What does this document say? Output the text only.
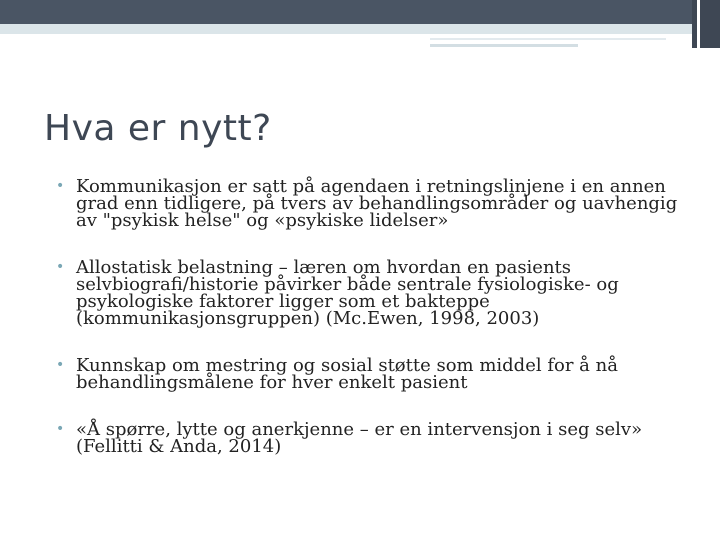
Hva er nytt?
• Kommunikasjon er satt på agendaen i retningslinjene i en annen grad enn tidligere, på tvers av behandlingsområder og uavhengig av "psykisk helse" og «psykiske lidelser»
• Allostatisk belastning – læren om hvordan en pasients selvbiografi/historie påvirker både sentrale fysiologiske- og psykologiske faktorer ligger som et bakteppe (kommunikasjonsgruppen) (Mc.Ewen, 1998, 2003)
• Kunnskap om mestring og sosial støtte som middel for å nå behandlingsmålene for hver enkelt pasient
• «Å spørre, lytte og anerkjenne – er en intervensjon i seg selv» (Fellitti & Anda, 2014)
